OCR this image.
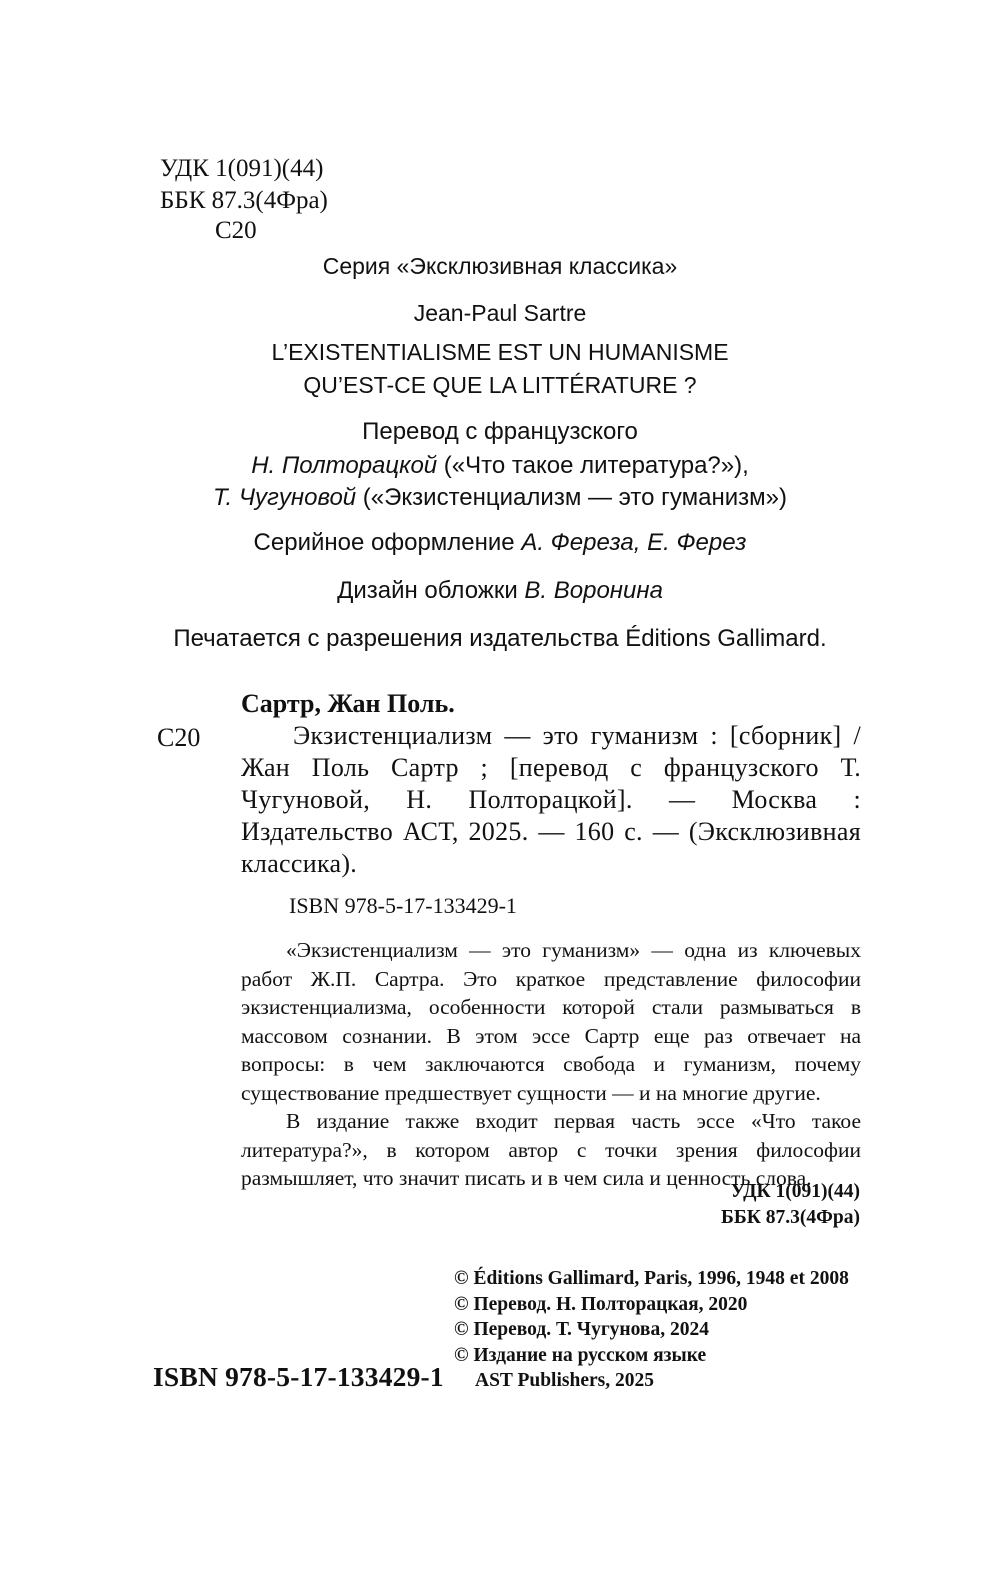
УДК 1(091)(44)
ББК 87.3(4Фра)
С20
Серия «Эксклюзивная классика»
Jean-Paul Sartre
L’EXISTENTIALISME EST UN HUMANISME
QU’EST-CE QUE LA LITTÉRATURE ?
Перевод с французского
Н. Полторацкой («Что такое литература?»),
Т. Чугуновой («Экзистенциализм — это гуманизм»)
Серийное оформление А. Фереза, Е. Ферез
Дизайн обложки В. Воронина
Печатается с разрешения издательства Éditions Gallimard.
С20

Сартр, Жан Поль.

Экзистенциализм — это гуманизм : [сборник] / Жан Поль Сартр ; [перевод с французского Т. Чугуновой, Н. Полторацкой]. — Москва : Издательство АСТ, 2025. — 160 с. — (Эксклюзивная классика).

ISBN 978-5-17-133429-1

«Экзистенциализм — это гуманизм» — одна из ключевых работ Ж.П. Сартра. Это краткое представление философии экзистенциализма, особенности которой стали размываться в массовом сознании. В этом эссе Сартр еще раз отвечает на вопросы: в чем заключаются свобода и гуманизм, почему существование предшествует сущности — и на многие другие.

В издание также входит первая часть эссе «Что такое литература?», в котором автор с точки зрения философии размышляет, что значит писать и в чем сила и ценность слова.

УДК 1(091)(44)
ББК 87.3(4Фра)
© Éditions Gallimard, Paris, 1996, 1948 et 2008
© Перевод. Н. Полторацкая, 2020
© Перевод. Т. Чугунова, 2024
© Издание на русском языке
AST Publishers, 2025
ISBN 978-5-17-133429-1
